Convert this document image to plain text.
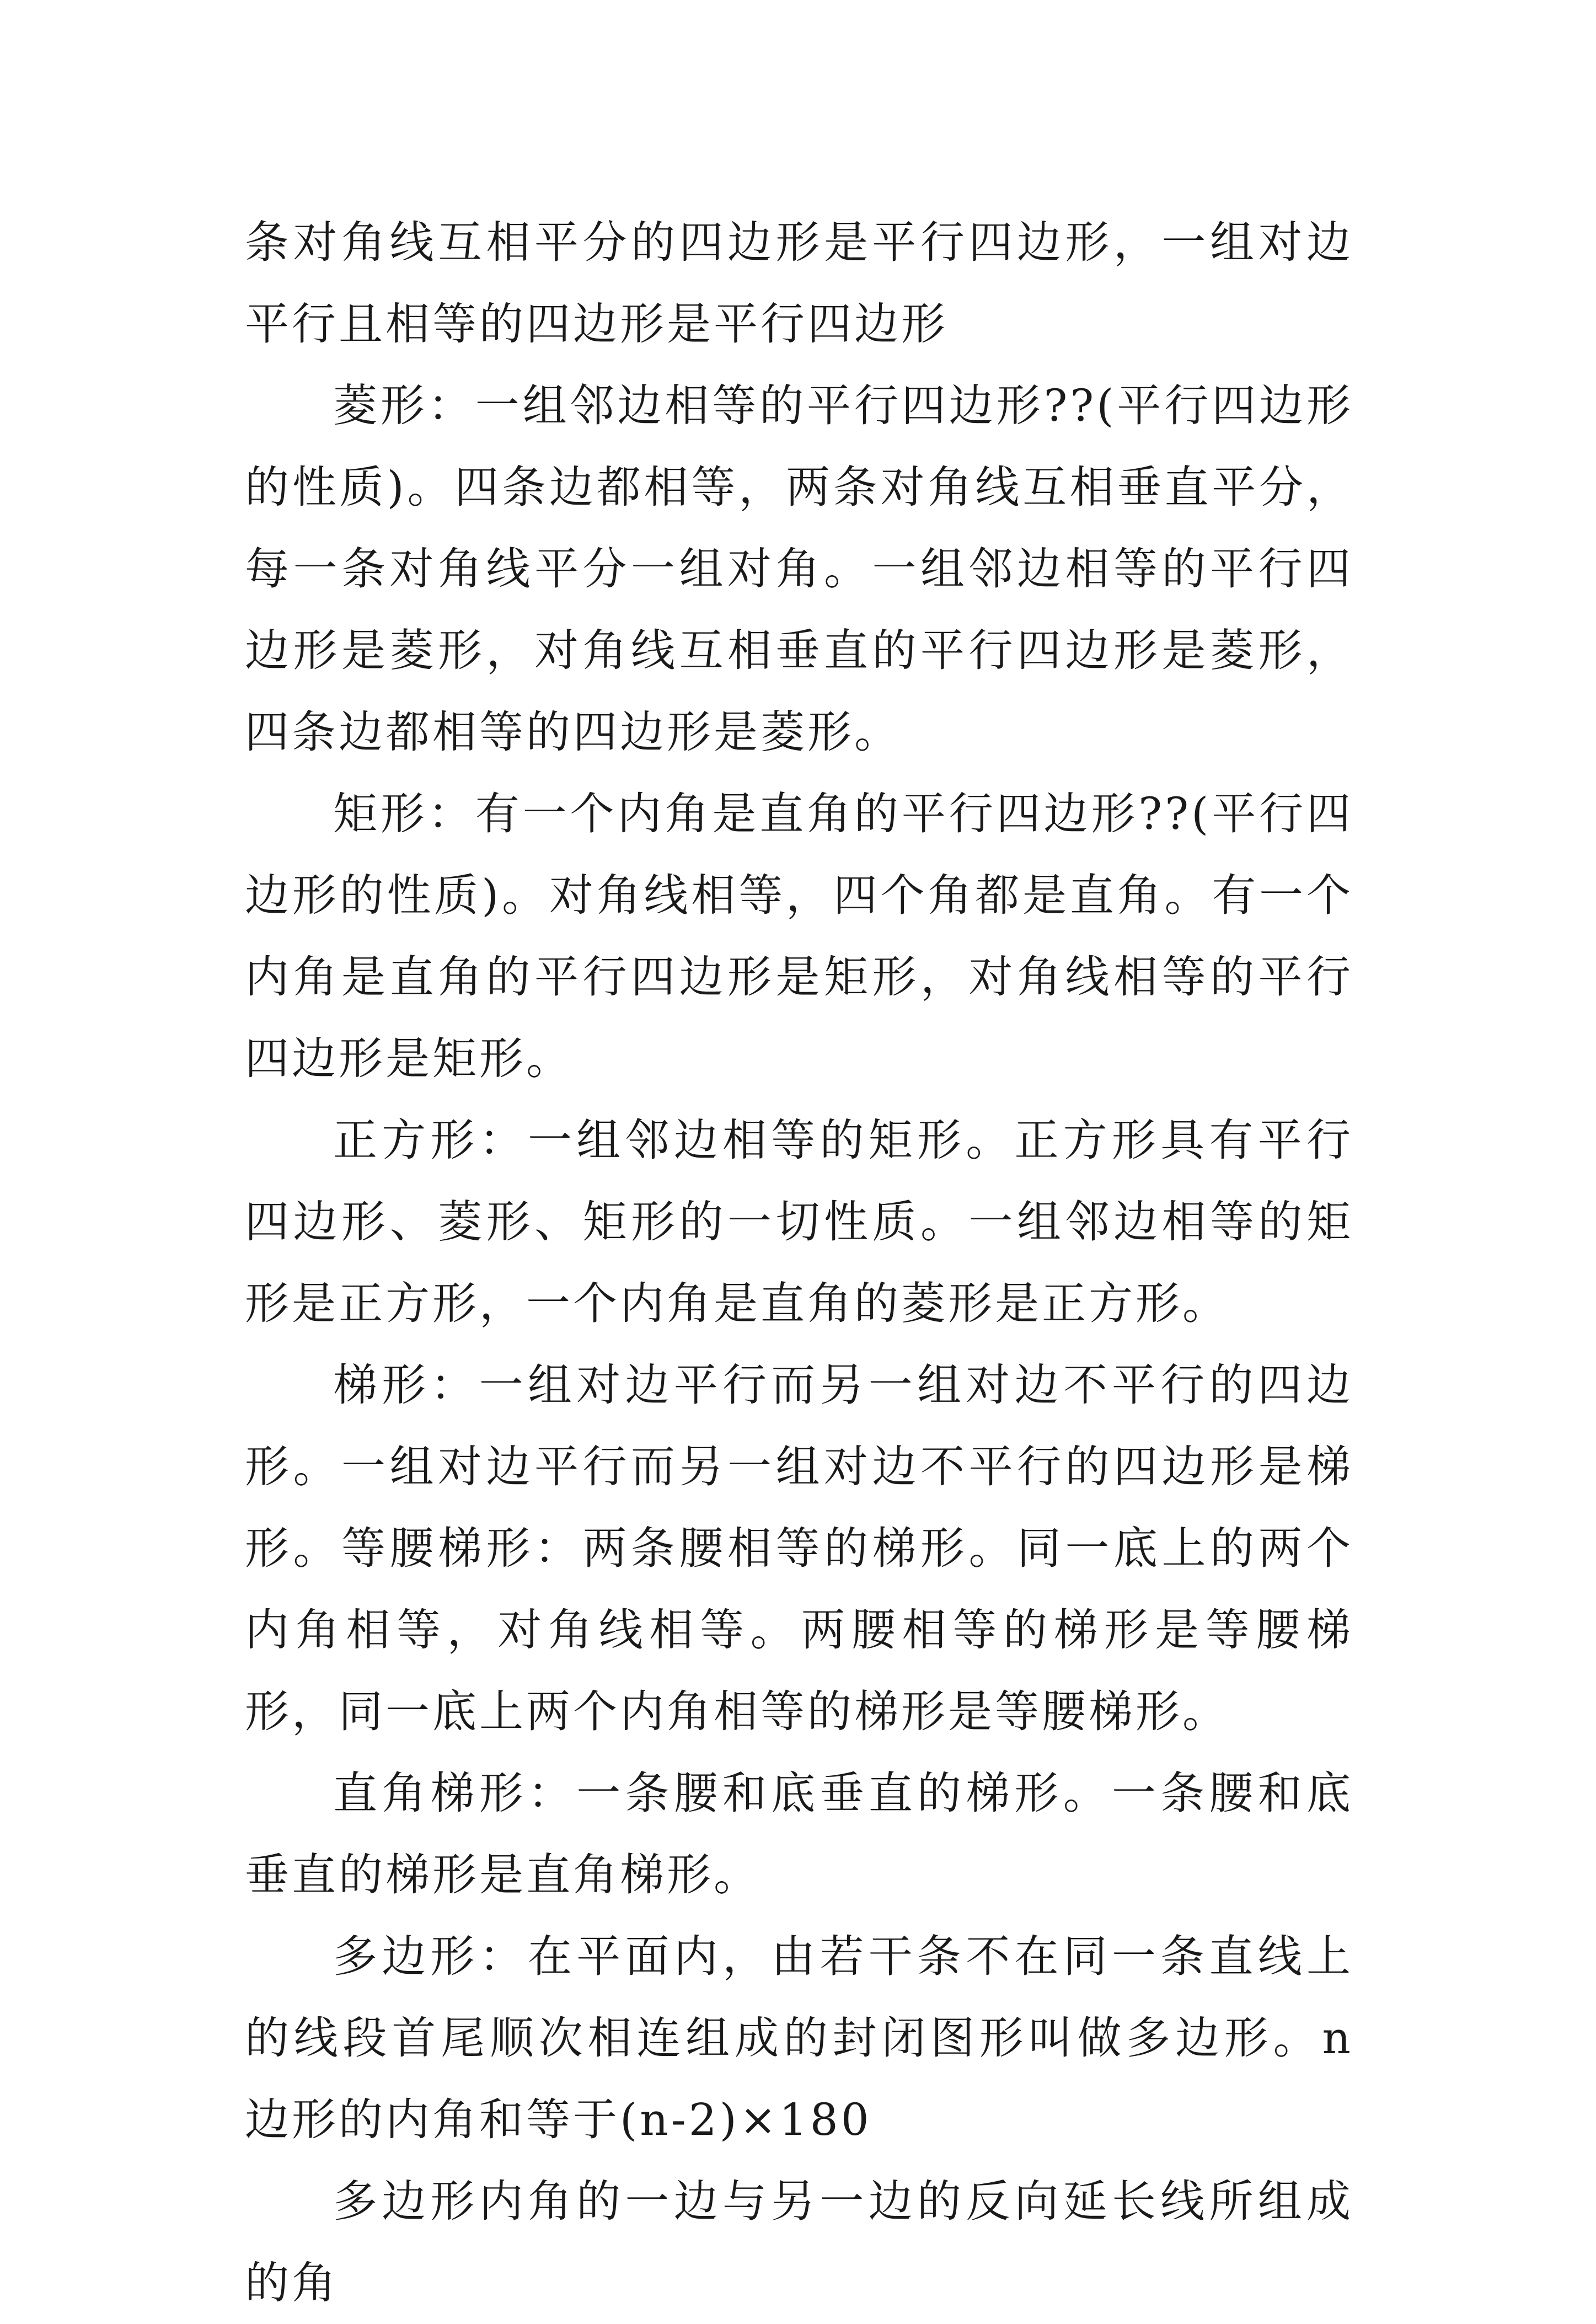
条对角线互相平分的四边形是平行四边形，一组对边平行且相等的四边形是平行四边形

菱形：一组邻边相等的平行四边形??(平行四边形的性质)。四条边都相等，两条对角线互相垂直平分，每一条对角线平分一组对角。一组邻边相等的平行四边形是菱形，对角线互相垂直的平行四边形是菱形，四条边都相等的四边形是菱形。

矩形：有一个内角是直角的平行四边形??(平行四边形的性质)。对角线相等，四个角都是直角。有一个内角是直角的平行四边形是矩形，对角线相等的平行四边形是矩形。

正方形：一组邻边相等的矩形。正方形具有平行四边形、菱形、矩形的一切性质。一组邻边相等的矩形是正方形，一个内角是直角的菱形是正方形。

梯形：一组对边平行而另一组对边不平行的四边形。一组对边平行而另一组对边不平行的四边形是梯形。等腰梯形：两条腰相等的梯形。同一底上的两个内角相等，对角线相等。两腰相等的梯形是等腰梯形，同一底上两个内角相等的梯形是等腰梯形。

直角梯形：一条腰和底垂直的梯形。一条腰和底垂直的梯形是直角梯形。

多边形：在平面内，由若干条不在同一条直线上的线段首尾顺次相连组成的封闭图形叫做多边形。n边形的内角和等于(n-2)×180

多边形内角的一边与另一边的反向延长线所组成的角
